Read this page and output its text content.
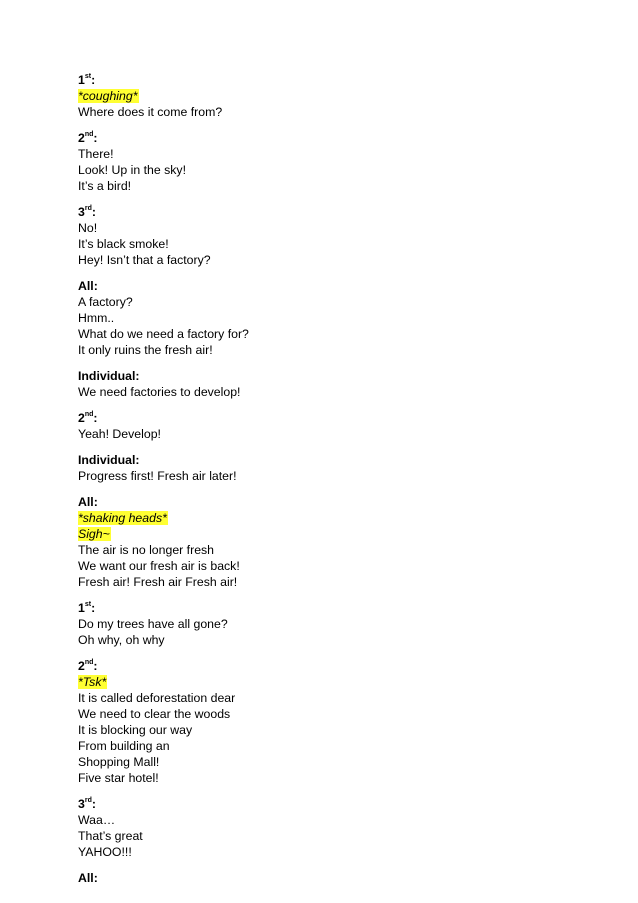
1st:
*coughing*
Where does it come from?
2nd:
There!
Look! Up in the sky!
It’s a bird!
3rd:
No!
It’s black smoke!
Hey! Isn’t that a factory?
All:
A factory?
Hmm..
What do we need a factory for?
It only ruins the fresh air!
Individual:
We need factories to develop!
2nd:
Yeah! Develop!
Individual:
Progress first! Fresh air later!
All:
*shaking heads*
Sigh~
The air is no longer fresh
We want our fresh air is back!
Fresh air! Fresh air Fresh air!
1st:
Do my trees have all gone?
Oh why, oh why
2nd:
*Tsk*
It is called deforestation dear
We need to clear the woods
It is blocking our way
From building an
Shopping Mall!
Five star hotel!
3rd:
Waa…
That’s great
YAHOO!!!
All:
